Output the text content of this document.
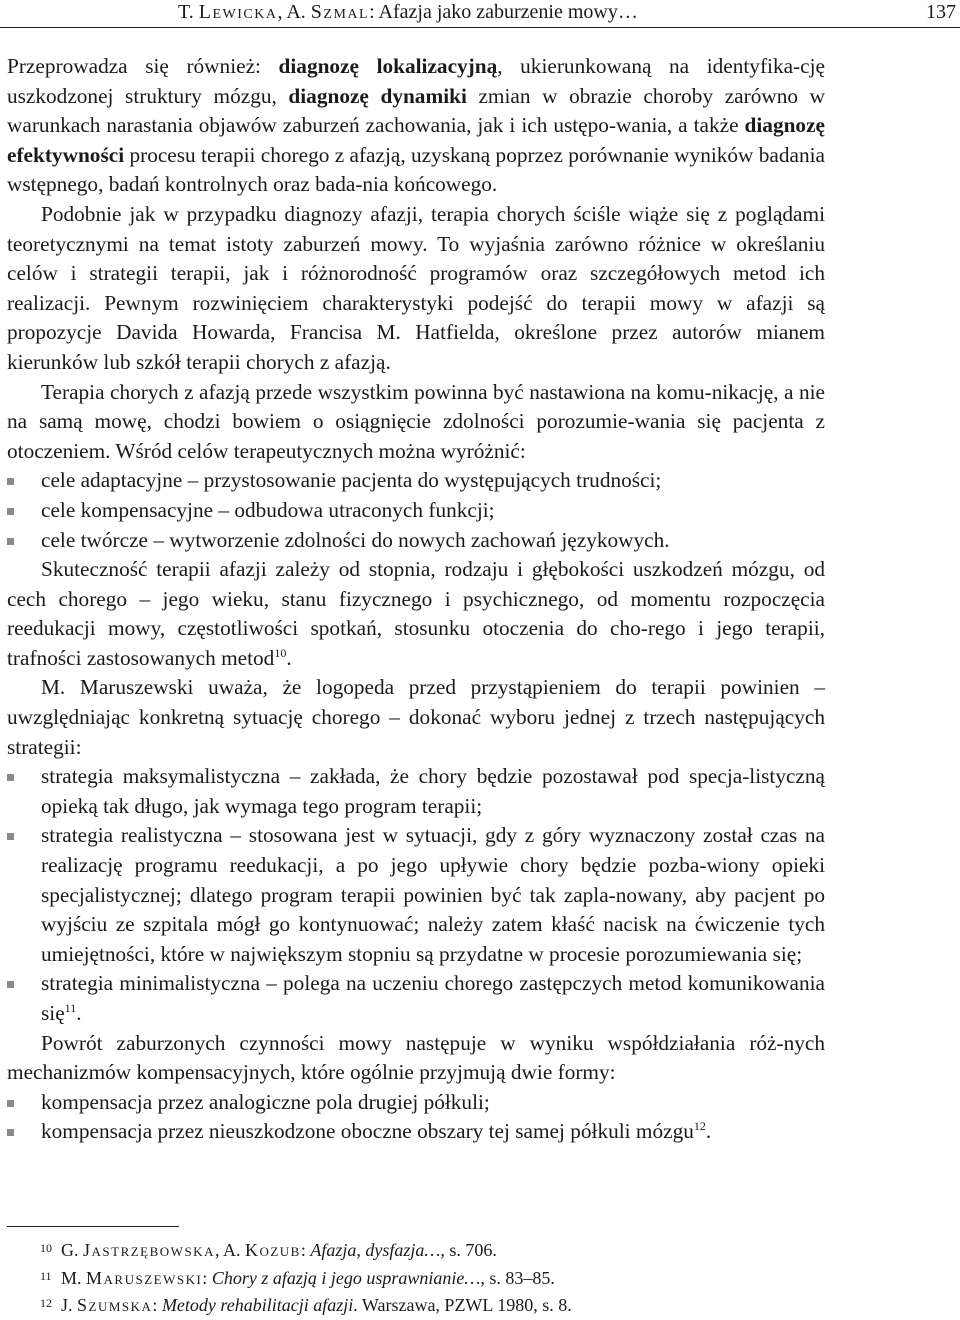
T. Lewicka, A. Szmal: Afazja jako zaburzenie mowy…	137

Przeprowadza się również: diagnozę lokalizacyjną, ukierunkowaną na identyfika-cję uszkodzonej struktury mózgu, diagnozę dynamiki zmian w obrazie choroby zarówno w warunkach narastania objawów zaburzeń zachowania, jak i ich ustępo-wania, a także diagnozę efektywności procesu terapii chorego z afazją, uzyskaną poprzez porównanie wyników badania wstępnego, badań kontrolnych oraz bada-nia końcowego.

Podobnie jak w przypadku diagnozy afazji, terapia chorych ściśle wiąże się z poglądami teoretycznymi na temat istoty zaburzeń mowy. To wyjaśnia zarówno różnice w określaniu celów i strategii terapii, jak i różnorodność programów oraz szczegółowych metod ich realizacji. Pewnym rozwinięciem charakterystyki podejść do terapii mowy w afazji są propozycje Davida Howarda, Francisa M. Hatfielda, określone przez autorów mianem kierunków lub szkół terapii chorych z afazją.

Terapia chorych z afazją przede wszystkim powinna być nastawiona na komu-nikację, a nie na samą mowę, chodzi bowiem o osiągnięcie zdolności porozumie-wania się pacjenta z otoczeniem. Wśród celów terapeutycznych można wyróżnić:

cele adaptacyjne – przystosowanie pacjenta do występujących trudności;
cele kompensacyjne – odbudowa utraconych funkcji;
cele twórcze – wytworzenie zdolności do nowych zachowań językowych.

Skuteczność terapii afazji zależy od stopnia, rodzaju i głębokości uszkodzeń mózgu, od cech chorego – jego wieku, stanu fizycznego i psychicznego, od momentu rozpoczęcia reedukacji mowy, częstotliwości spotkań, stosunku otoczenia do cho-rego i jego terapii, trafności zastosowanych metod$^{10}$.

M. Maruszewski uważa, że logopeda przed przystąpieniem do terapii powinien – uwzględniając konkretną sytuację chorego – dokonać wyboru jednej z trzech następujących strategii:

strategia maksymalistyczna – zakłada, że chory będzie pozostawał pod specja-listyczną opieką tak długo, jak wymaga tego program terapii;
strategia realistyczna – stosowana jest w sytuacji, gdy z góry wyznaczony został czas na realizację programu reedukacji, a po jego upływie chory będzie pozba-wiony opieki specjalistycznej; dlatego program terapii powinien być tak zapla-nowany, aby pacjent po wyjściu ze szpitala mógł go kontynuować; należy zatem kłaść nacisk na ćwiczenie tych umiejętności, które w największym stopniu są przydatne w procesie porozumiewania się;
strategia minimalistyczna – polega na uczeniu chorego zastępczych metod komunikowania się$^{11}$.

Powrót zaburzonych czynności mowy następuje w wyniku współdziałania róż-nych mechanizmów kompensacyjnych, które ogólnie przyjmują dwie formy:

kompensacja przez analogiczne pola drugiej półkuli;
kompensacja przez nieuszkodzone oboczne obszary tej samej półkuli mózgu$^{12}$.
10 G. Jastrzębowska, A. Kozub: Afazja, dysfazja…, s. 706.
11 M. Maruszewski: Chory z afazją i jego usprawnianie…, s. 83–85.
12 J. Szumska: Metody rehabilitacji afazji. Warszawa, PZWL 1980, s. 8.
